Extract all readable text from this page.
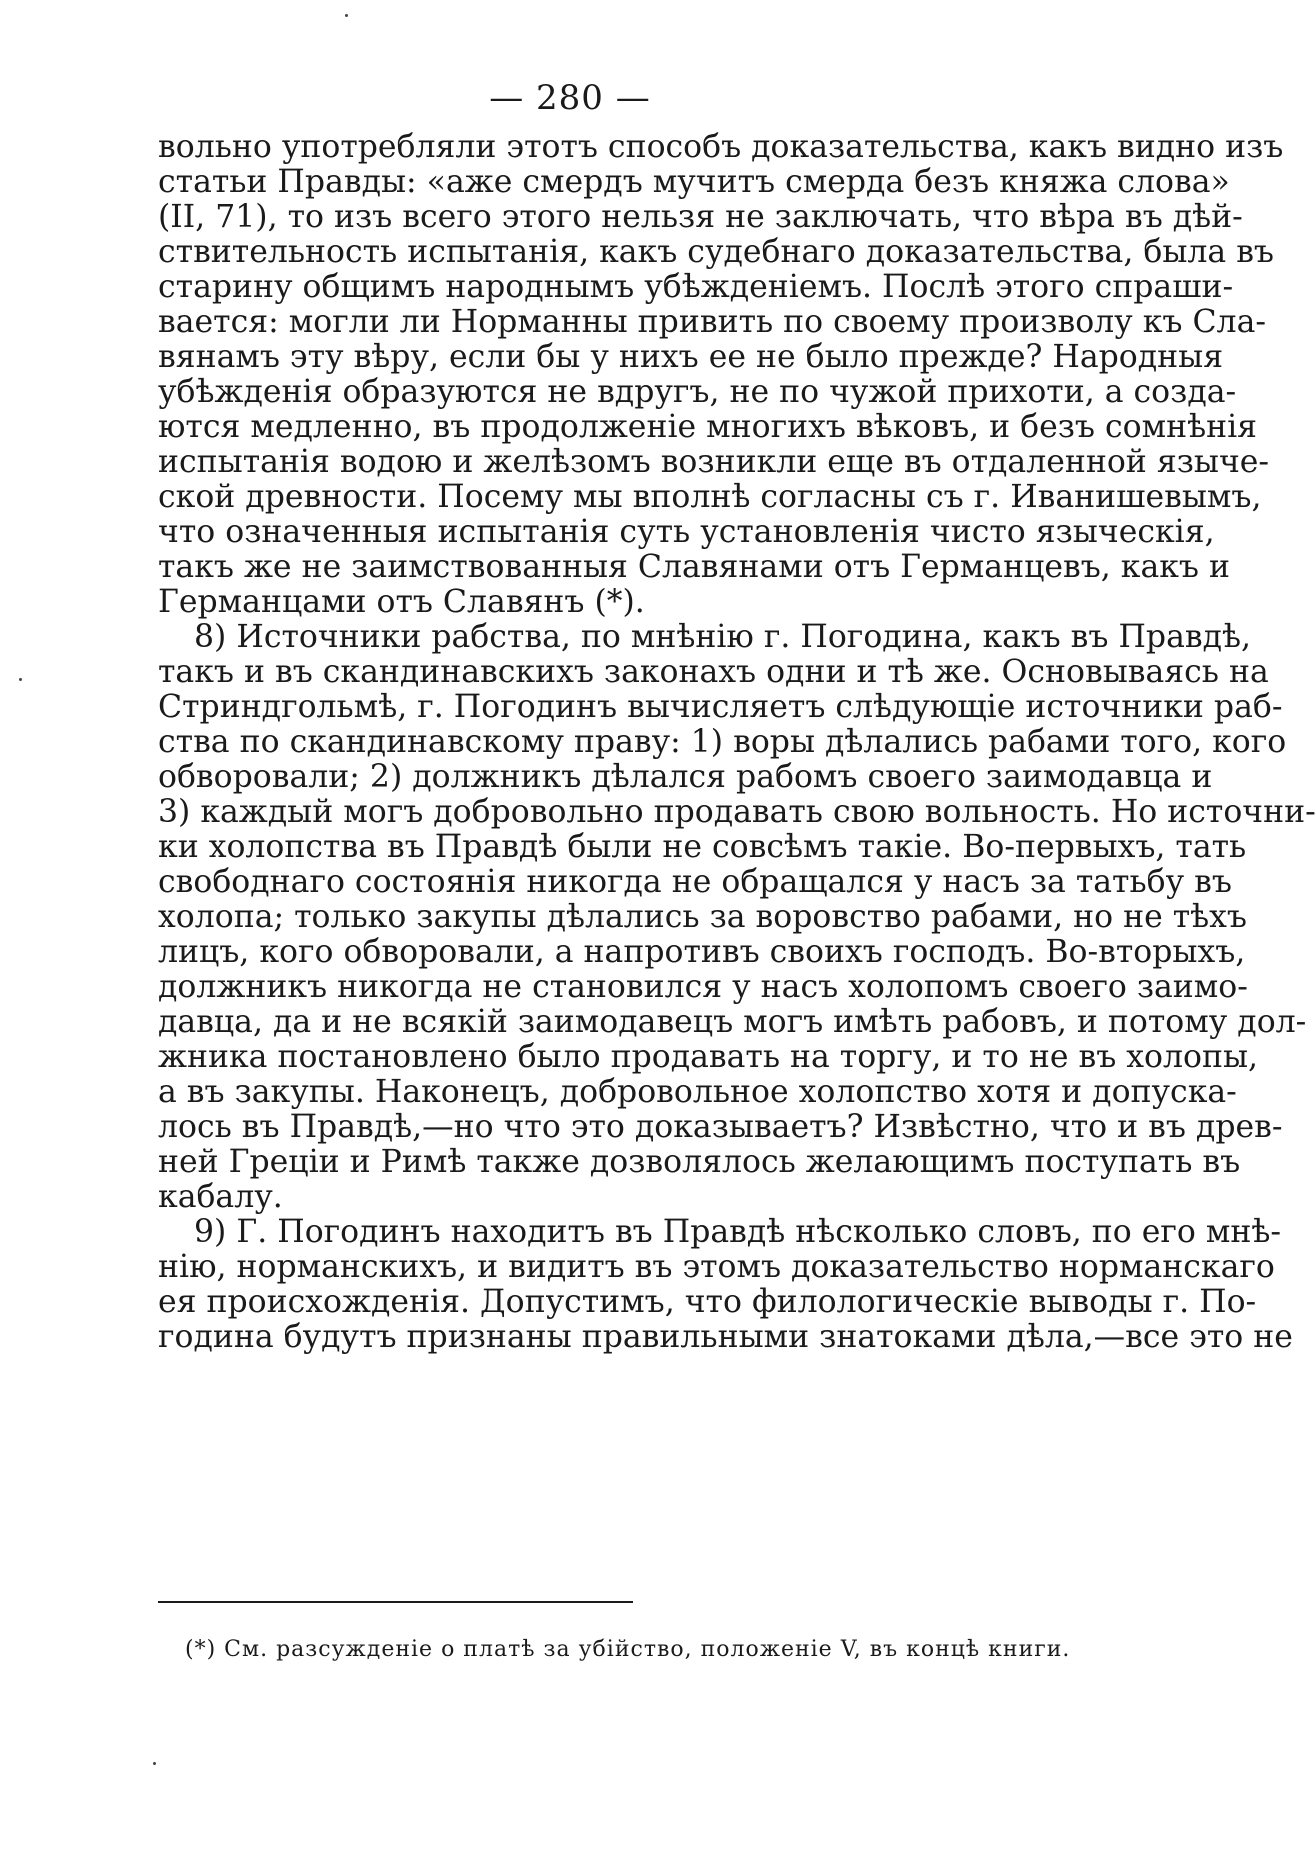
— 280 —
вольно употребляли этотъ способъ доказательства, какъ видно изъ
статьи Правды: «аже смердъ мучитъ смерда безъ княжа слова»
(II, 71), то изъ всего этого нельзя не заключать, что вѣра въ дѣй-
ствительность испытанія, какъ судебнаго доказательства, была въ
старину общимъ народнымъ убѣжденіемъ. Послѣ этого спраши-
вается: могли ли Норманны привить по своему произволу къ Сла-
вянамъ эту вѣру, если бы у нихъ ее не было прежде? Народныя
убѣжденія образуются не вдругъ, не по чужой прихоти, а созда-
ются медленно, въ продолженіе многихъ вѣковъ, и безъ сомнѣнія
испытанія водою и желѣзомъ возникли еще въ отдаленной языче-
ской древности. Посему мы вполнѣ согласны съ г. Иванишевымъ,
что означенныя испытанія суть установленія чисто языческія,
такъ же не заимствованныя Славянами отъ Германцевъ, какъ и
Германцами отъ Славянъ (*).
8) Источники рабства, по мнѣнію г. Погодина, какъ въ Правдѣ,
такъ и въ скандинавскихъ законахъ одни и тѣ же. Основываясь на
Стриндгольмѣ, г. Погодинъ вычисляетъ слѣдующіе источники раб-
ства по скандинавскому праву: 1) воры дѣлались рабами того, кого
обворовали; 2) должникъ дѣлался рабомъ своего заимодавца и
3) каждый могъ добровольно продавать свою вольность. Но источни-
ки холопства въ Правдѣ были не совсѣмъ такіе. Во-первыхъ, тать
свободнаго состоянія никогда не обращался у насъ за татьбу въ
холопа; только закупы дѣлались за воровство рабами, но не тѣхъ
лицъ, кого обворовали, а напротивъ своихъ господъ. Во-вторыхъ,
должникъ никогда не становился у насъ холопомъ своего заимо-
давца, да и не всякій заимодавецъ могъ имѣть рабовъ, и потому дол-
жника постановлено было продавать на торгу, и то не въ холопы,
а въ закупы. Наконецъ, добровольное холопство хотя и допуска-
лось въ Правдѣ,—но что это доказываетъ? Извѣстно, что и въ древ-
ней Греціи и Римѣ также дозволялось желающимъ поступать въ
кабалу.
9) Г. Погодинъ находитъ въ Правдѣ нѣсколько словъ, по его мнѣ-
нію, норманскихъ, и видитъ въ этомъ доказательство норманскаго
ея происхожденія. Допустимъ, что филологическіе выводы г. По-
година будутъ признаны правильными знатоками дѣла,—все это не
(*) См. разсужденіе о платѣ за убійство, положеніе V, въ концѣ книги.
